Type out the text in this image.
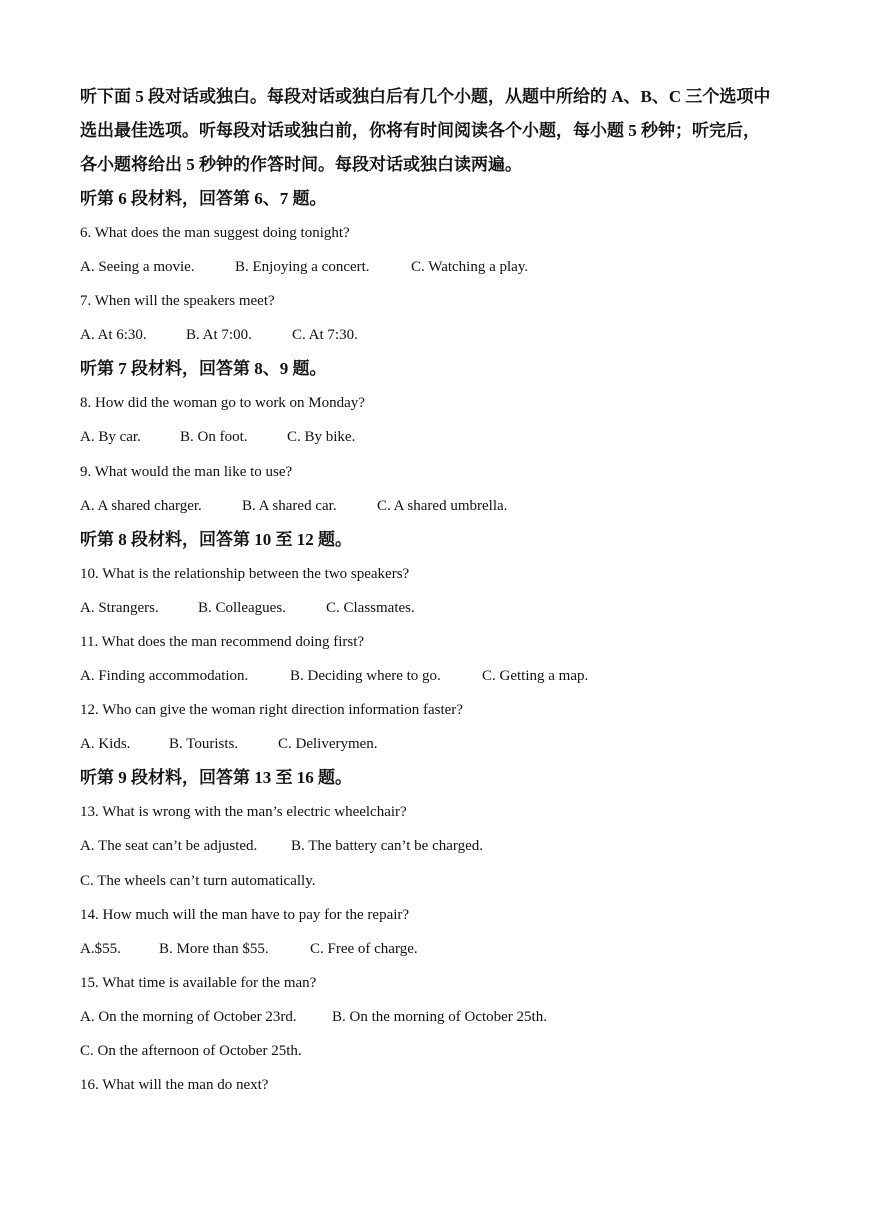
听下面 5 段对话或独白。每段对话或独白后有几个小题，从题中所给的 A、B、C 三个选项中
选出最佳选项。听每段对话或独白前，你将有时间阅读各个小题，每小题 5 秒钟；听完后，
各小题将给出 5 秒钟的作答时间。每段对话或独白读两遍。
听第 6 段材料，回答第 6、7 题。
6. What does the man suggest doing tonight?
A. Seeing a movie.	B. Enjoying a concert.	C. Watching a play.
7. When will the speakers meet?
A. At 6:30.	B. At 7:00.	C. At 7:30.
听第 7 段材料，回答第 8、9 题。
8. How did the woman go to work on Monday?
A. By car.	B. On foot.	C. By bike.
9. What would the man like to use?
A. A shared charger.	B. A shared car.	C. A shared umbrella.
听第 8 段材料，回答第 10 至 12 题。
10. What is the relationship between the two speakers?
A. Strangers.	B. Colleagues.	C. Classmates.
11. What does the man recommend doing first?
A. Finding accommodation.	B. Deciding where to go.	C. Getting a map.
12. Who can give the woman right direction information faster?
A. Kids.	B. Tourists.	C. Deliverymen.
听第 9 段材料，回答第 13 至 16 题。
13. What is wrong with the man’s electric wheelchair?
A. The seat can’t be adjusted. B. The battery can’t be charged.
C. The wheels can’t turn automatically.
14. How much will the man have to pay for the repair?
A.$55.	B. More than $55.	C. Free of charge.
15. What time is available for the man?
A. On the morning of October 23rd. B. On the morning of October 25th.
C. On the afternoon of October 25th.
16. What will the man do next?
